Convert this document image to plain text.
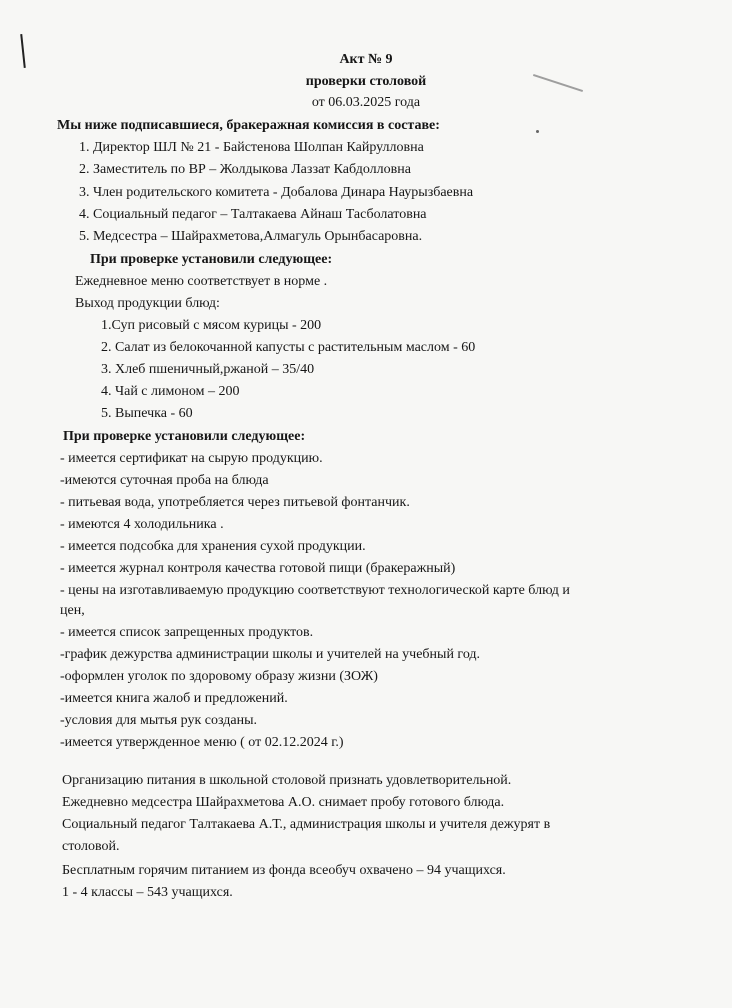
Акт № 9
проверки столовой
от 06.03.2025 года
Мы ниже подписавшиеся, бракеражная комиссия в составе:
1. Директор ШЛ № 21 - Байстенова Шолпан Кайрулловна
2. Заместитель по ВР – Жолдыкова Лаззат Кабдолловна
3. Член родительского комитета - Добалова Динара Наурызбаевна
4. Социальный педагог – Талтакаева Айнаш Тасболатовна
5. Медсестра – Шайрахметова,Алмагуль Орынбасаровна.
При проверке установили следующее:
Ежедневное меню соответствует в норме .
Выход продукции блюд:
1.Суп рисовый с мясом курицы - 200
2. Салат из белокочанной капусты с растительным маслом - 60
3. Хлеб пшеничный,ржаной – 35/40
4. Чай с лимоном – 200
5. Выпечка - 60
При проверке установили следующее:
- имеется сертификат на сырую продукцию.
-имеются суточная проба на блюда
- питьевая вода, употребляется через питьевой фонтанчик.
- имеются 4 холодильника .
- имеется подсобка для хранения сухой продукции.
- имеется журнал контроля качества готовой пищи (бракеражный)
- цены на изготавливаемую продукцию соответствуют технологической карте блюд и
цен,
- имеется список запрещенных продуктов.
-график дежурства администрации школы и учителей на учебный год.
-оформлен уголок по здоровому образу жизни (ЗОЖ)
-имеется книга жалоб и предложений.
-условия для мытья рук созданы.
-имеется утвержденное меню ( от 02.12.2024 г.)
Организацию питания в школьной столовой признать удовлетворительной.
Ежедневно медсестра Шайрахметова А.О. снимает пробу готового блюда.
Социальный педагог Талтакаева А.Т., администрация школы и учителя дежурят в
столовой.
Бесплатным горячим питанием из фонда всеобуч охвачено – 94 учащихся.
1 - 4 классы – 543 учащихся.
